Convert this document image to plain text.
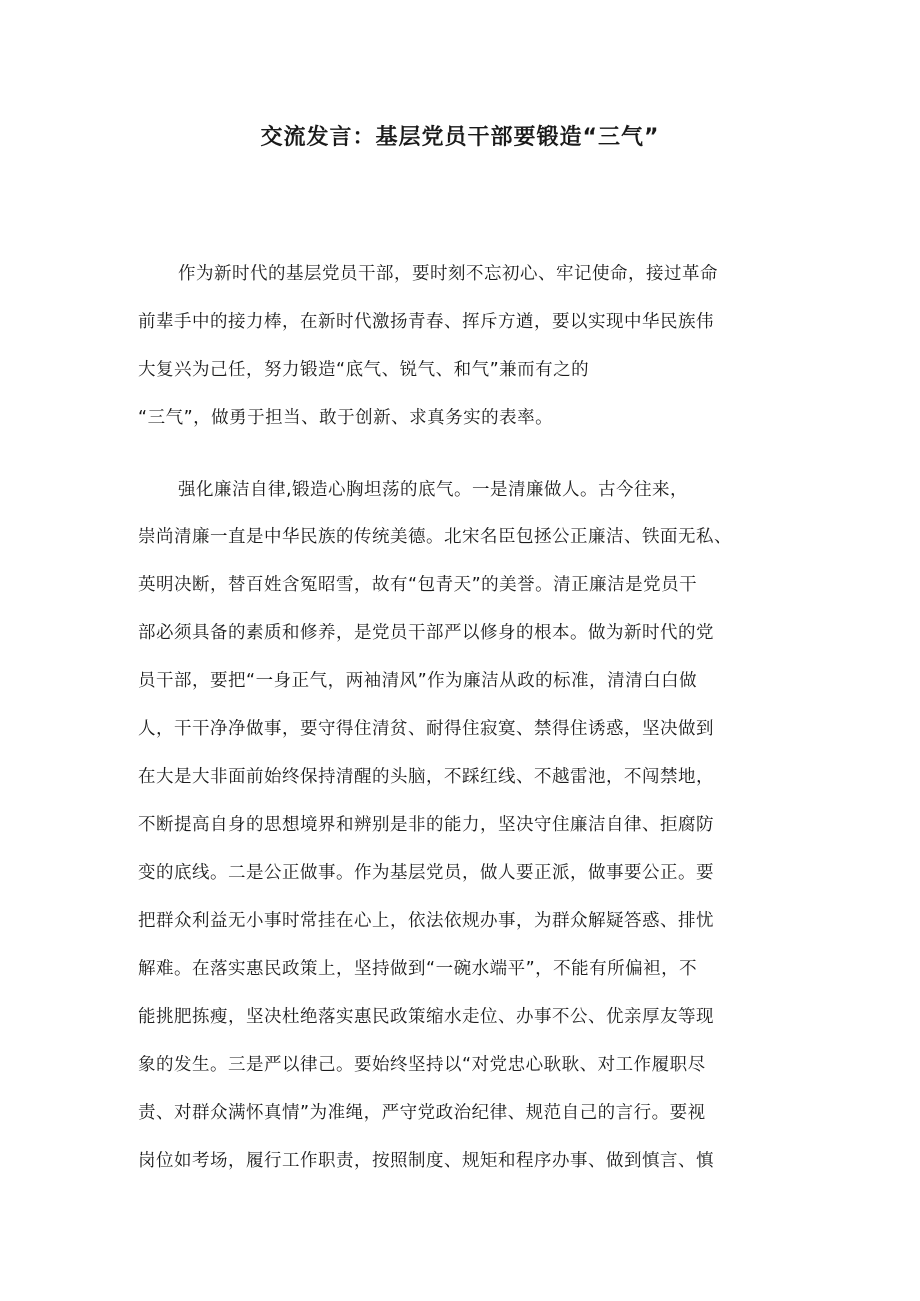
交流发言：基层党员干部要锻造“三气”

作为新时代的基层党员干部，要时刻不忘初心、牢记使命，接过革命

前辈手中的接力棒，在新时代激扬青春、挥斥方遒，要以实现中华民族伟

大复兴为己任，努力锻造“底气、锐气、和气”兼而有之的

“三气”，做勇于担当、敢于创新、求真务实的表率。

强化廉洁自律,锻造心胸坦荡的底气。一是清廉做人。古今往来，

崇尚清廉一直是中华民族的传统美德。北宋名臣包拯公正廉洁、铁面无私、

英明决断，替百姓含冤昭雪，故有“包青天”的美誉。清正廉洁是党员干

部必须具备的素质和修养，是党员干部严以修身的根本。做为新时代的党

员干部，要把“一身正气，两袖清风”作为廉洁从政的标准，清清白白做

人，干干净净做事，要守得住清贫、耐得住寂寞、禁得住诱惑，坚决做到

在大是大非面前始终保持清醒的头脑，不踩红线、不越雷池，不闯禁地，

不断提高自身的思想境界和辨别是非的能力，坚决守住廉洁自律、拒腐防

变的底线。二是公正做事。作为基层党员，做人要正派，做事要公正。要

把群众利益无小事时常挂在心上，依法依规办事，为群众解疑答惑、排忧

解难。在落实惠民政策上，坚持做到“一碗水端平”，不能有所偏袒，不

能挑肥拣瘦，坚决杜绝落实惠民政策缩水走位、办事不公、优亲厚友等现

象的发生。三是严以律己。要始终坚持以“对党忠心耿耿、对工作履职尽

责、对群众满怀真情”为准绳，严守党政治纪律、规范自己的言行。要视

岗位如考场，履行工作职责，按照制度、规矩和程序办事、做到慎言、慎
